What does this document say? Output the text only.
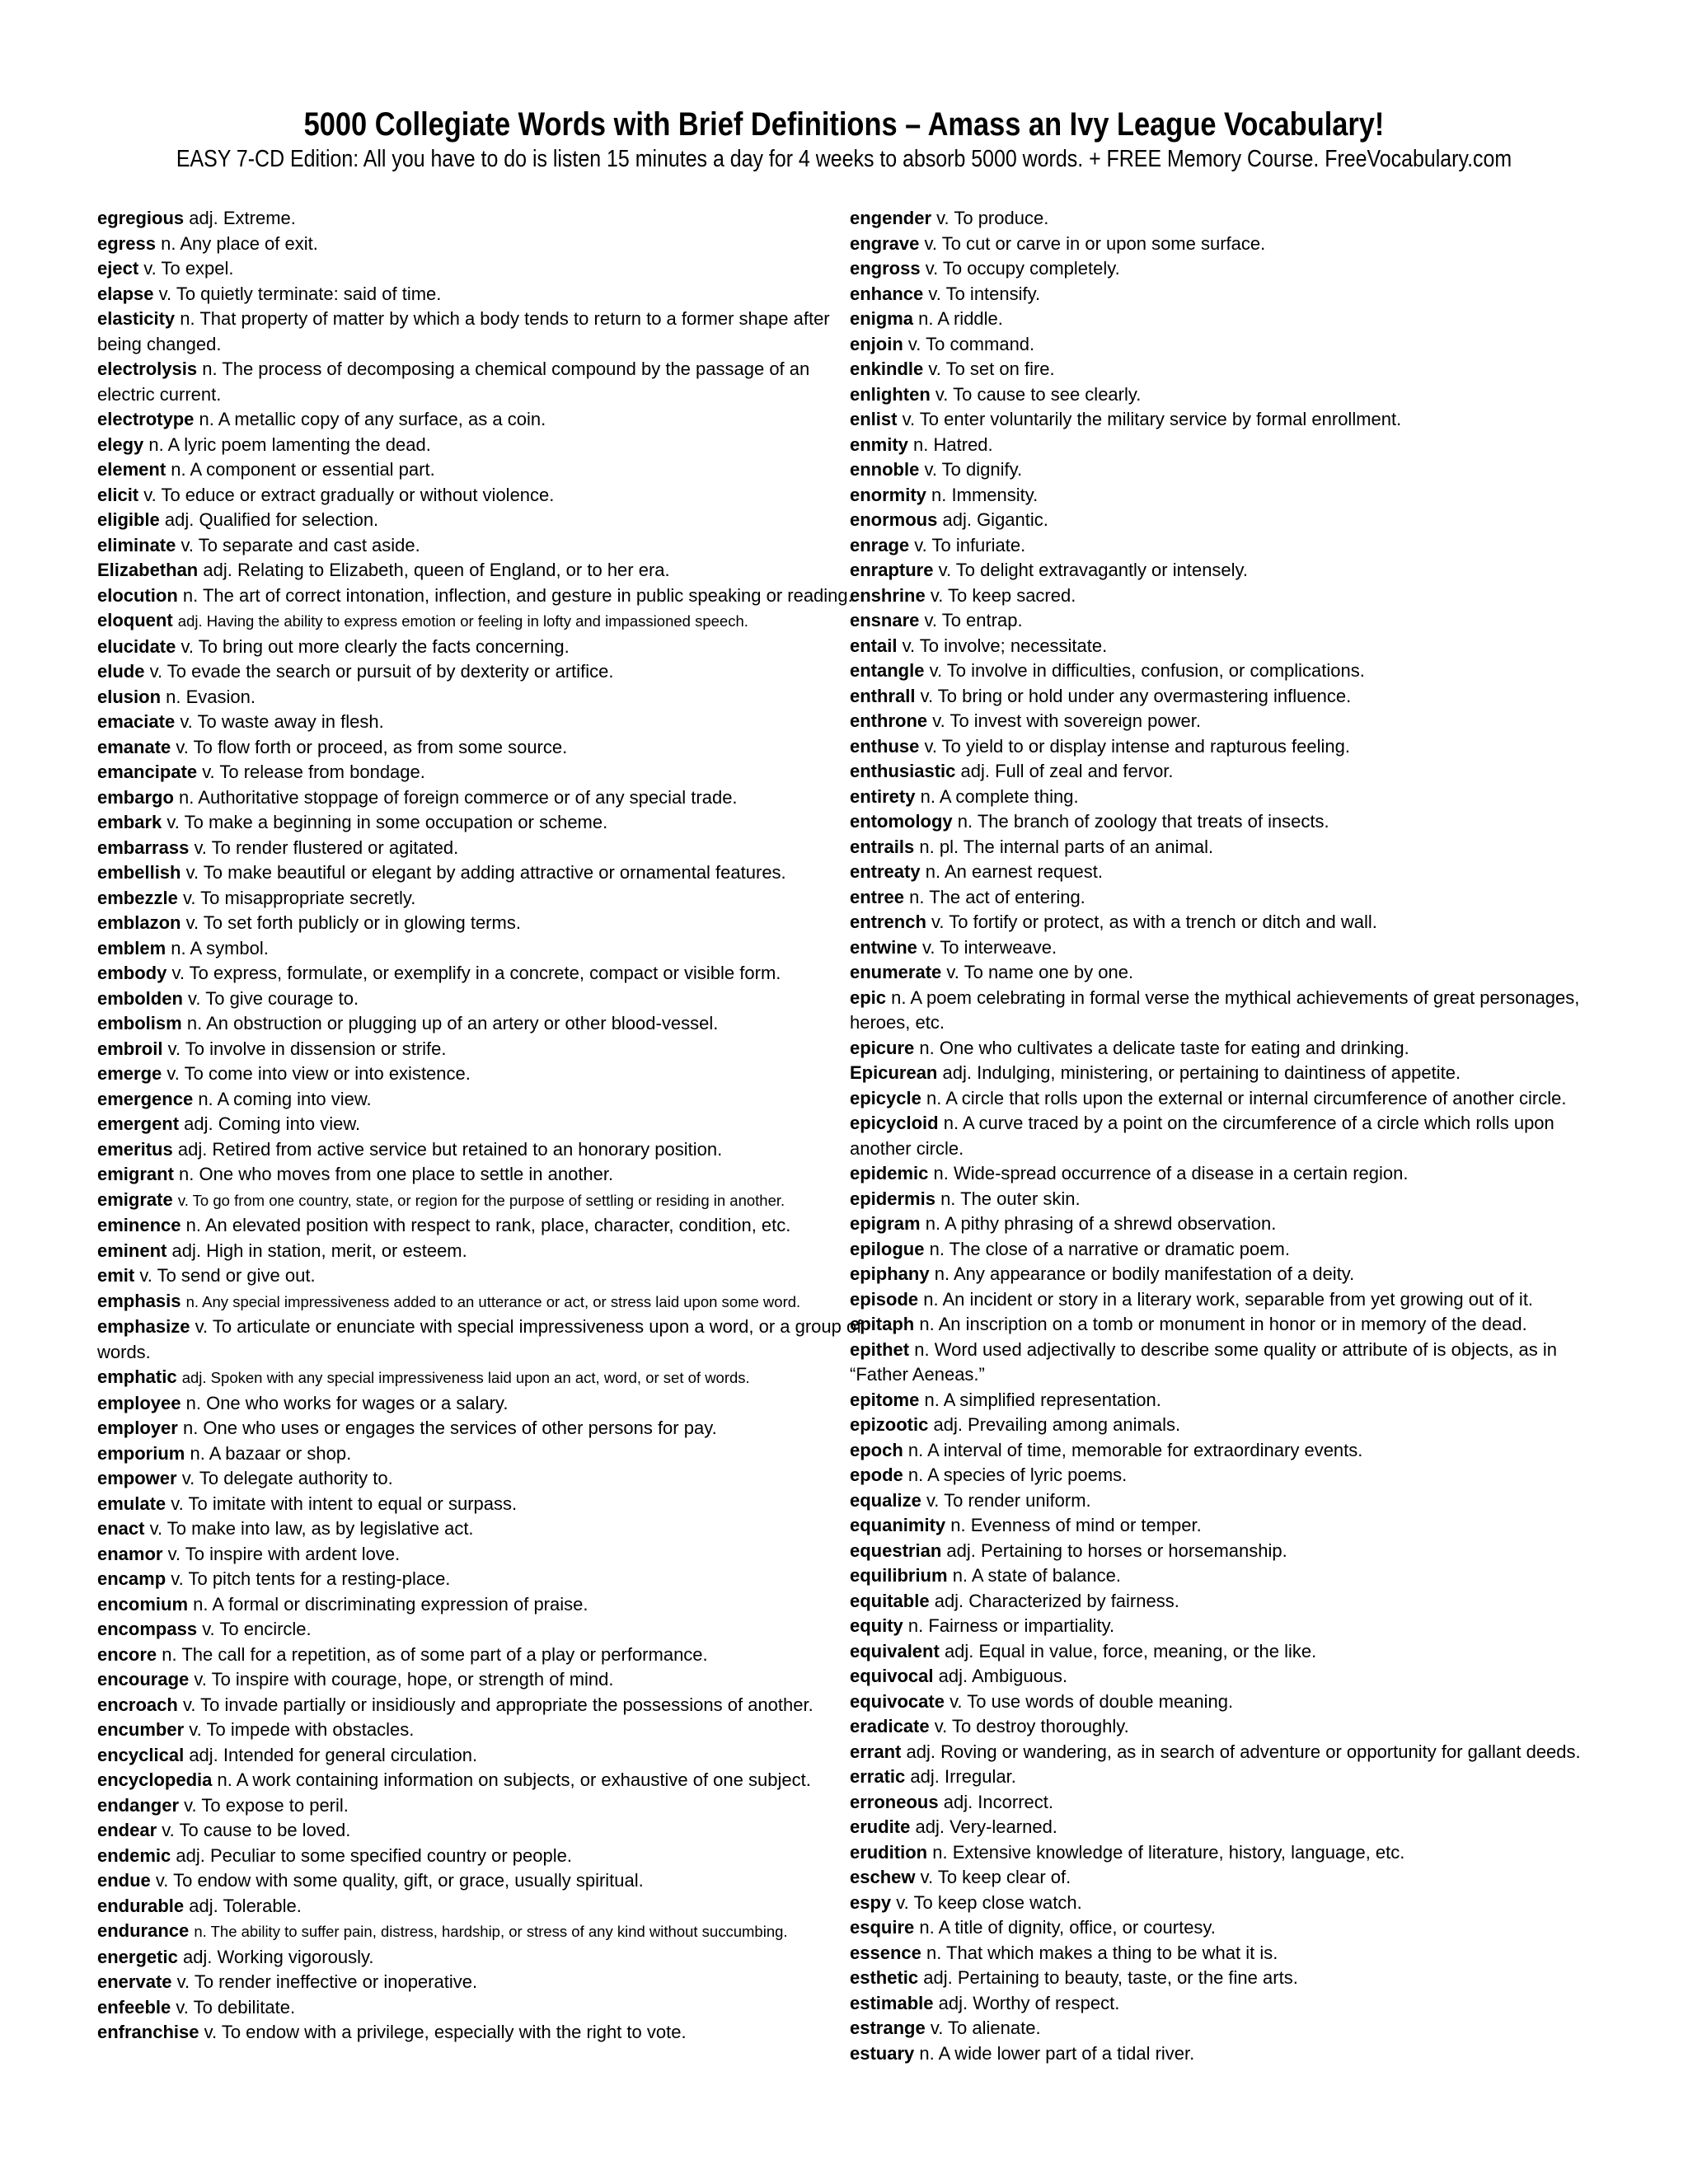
5000 Collegiate Words with Brief Definitions – Amass an Ivy League Vocabulary!

EASY 7-CD Edition: All you have to do is listen 15 minutes a day for 4 weeks to absorb 5000 words. + FREE Memory Course. FreeVocabulary.com

egregious adj. Extreme.

egress n. Any place of exit.

eject v. To expel.

elapse v. To quietly terminate: said of time.

elasticity n. That property of matter by which a body tends to return to a former shape after being changed.

electrolysis n. The process of decomposing a chemical compound by the passage of an electric current.

electrotype n. A metallic copy of any surface, as a coin.

elegy n. A lyric poem lamenting the dead.

element n. A component or essential part.

elicit v. To educe or extract gradually or without violence.

eligible adj. Qualified for selection.

eliminate v. To separate and cast aside.

Elizabethan adj. Relating to Elizabeth, queen of England, or to her era.

elocution n. The art of correct intonation, inflection, and gesture in public speaking or reading.

eloquent adj. Having the ability to express emotion or feeling in lofty and impassioned speech.

elucidate v. To bring out more clearly the facts concerning.

elude v. To evade the search or pursuit of by dexterity or artifice.

elusion n. Evasion.

emaciate v. To waste away in flesh.

emanate v. To flow forth or proceed, as from some source.

emancipate v. To release from bondage.

embargo n. Authoritative stoppage of foreign commerce or of any special trade.

embark v. To make a beginning in some occupation or scheme.

embarrass v. To render flustered or agitated.

embellish v. To make beautiful or elegant by adding attractive or ornamental features.

embezzle v. To misappropriate secretly.

emblazon v. To set forth publicly or in glowing terms.

emblem n. A symbol.

embody v. To express, formulate, or exemplify in a concrete, compact or visible form.

embolden v. To give courage to.

embolism n. An obstruction or plugging up of an artery or other blood-vessel.

embroil v. To involve in dissension or strife.

emerge v. To come into view or into existence.

emergence n. A coming into view.

emergent adj. Coming into view.

emeritus adj. Retired from active service but retained to an honorary position.

emigrant n. One who moves from one place to settle in another.

emigrate v. To go from one country, state, or region for the purpose of settling or residing in another.

eminence n. An elevated position with respect to rank, place, character, condition, etc.

eminent adj. High in station, merit, or esteem.

emit v. To send or give out.

emphasis n. Any special impressiveness added to an utterance or act, or stress laid upon some word.

emphasize v. To articulate or enunciate with special impressiveness upon a word, or a group of words.

emphatic adj. Spoken with any special impressiveness laid upon an act, word, or set of words.

employee n. One who works for wages or a salary.

employer n. One who uses or engages the services of other persons for pay.

emporium n. A bazaar or shop.

empower v. To delegate authority to.

emulate v. To imitate with intent to equal or surpass.

enact v. To make into law, as by legislative act.

enamor v. To inspire with ardent love.

encamp v. To pitch tents for a resting-place.

encomium n. A formal or discriminating expression of praise.

encompass v. To encircle.

encore n. The call for a repetition, as of some part of a play or performance.

encourage v. To inspire with courage, hope, or strength of mind.

encroach v. To invade partially or insidiously and appropriate the possessions of another.

encumber v. To impede with obstacles.

encyclical adj. Intended for general circulation.

encyclopedia n. A work containing information on subjects, or exhaustive of one subject.

endanger v. To expose to peril.

endear v. To cause to be loved.

endemic adj. Peculiar to some specified country or people.

endue v. To endow with some quality, gift, or grace, usually spiritual.

endurable adj. Tolerable.

endurance n. The ability to suffer pain, distress, hardship, or stress of any kind without succumbing.

energetic adj. Working vigorously.

enervate v. To render ineffective or inoperative.

enfeeble v. To debilitate.

enfranchise v. To endow with a privilege, especially with the right to vote.

engender v. To produce.

engrave v. To cut or carve in or upon some surface.

engross v. To occupy completely.

enhance v. To intensify.

enigma n. A riddle.

enjoin v. To command.

enkindle v. To set on fire.

enlighten v. To cause to see clearly.

enlist v. To enter voluntarily the military service by formal enrollment.

enmity n. Hatred.

ennoble v. To dignify.

enormity n. Immensity.

enormous adj. Gigantic.

enrage v. To infuriate.

enrapture v. To delight extravagantly or intensely.

enshrine v. To keep sacred.

ensnare v. To entrap.

entail v. To involve; necessitate.

entangle v. To involve in difficulties, confusion, or complications.

enthrall v. To bring or hold under any overmastering influence.

enthrone v. To invest with sovereign power.

enthuse v. To yield to or display intense and rapturous feeling.

enthusiastic adj. Full of zeal and fervor.

entirety n. A complete thing.

entomology n. The branch of zoology that treats of insects.

entrails n. pl. The internal parts of an animal.

entreaty n. An earnest request.

entree n. The act of entering.

entrench v. To fortify or protect, as with a trench or ditch and wall.

entwine v. To interweave.

enumerate v. To name one by one.

epic n. A poem celebrating in formal verse the mythical achievements of great personages, heroes, etc.

epicure n. One who cultivates a delicate taste for eating and drinking.

Epicurean adj. Indulging, ministering, or pertaining to daintiness of appetite.

epicycle n. A circle that rolls upon the external or internal circumference of another circle.

epicycloid n. A curve traced by a point on the circumference of a circle which rolls upon another circle.

epidemic n. Wide-spread occurrence of a disease in a certain region.

epidermis n. The outer skin.

epigram n. A pithy phrasing of a shrewd observation.

epilogue n. The close of a narrative or dramatic poem.

epiphany n. Any appearance or bodily manifestation of a deity.

episode n. An incident or story in a literary work, separable from yet growing out of it.

epitaph n. An inscription on a tomb or monument in honor or in memory of the dead.

epithet n. Word used adjectivally to describe some quality or attribute of is objects, as in “Father Aeneas.”

epitome n. A simplified representation.

epizootic adj. Prevailing among animals.

epoch n. A interval of time, memorable for extraordinary events.

epode n. A species of lyric poems.

equalize v. To render uniform.

equanimity n. Evenness of mind or temper.

equestrian adj. Pertaining to horses or horsemanship.

equilibrium n. A state of balance.

equitable adj. Characterized by fairness.

equity n. Fairness or impartiality.

equivalent adj. Equal in value, force, meaning, or the like.

equivocal adj. Ambiguous.

equivocate v. To use words of double meaning.

eradicate v. To destroy thoroughly.

errant adj. Roving or wandering, as in search of adventure or opportunity for gallant deeds.

erratic adj. Irregular.

erroneous adj. Incorrect.

erudite adj. Very-learned.

erudition n. Extensive knowledge of literature, history, language, etc.

eschew v. To keep clear of.

espy v. To keep close watch.

esquire n. A title of dignity, office, or courtesy.

essence n. That which makes a thing to be what it is.

esthetic adj. Pertaining to beauty, taste, or the fine arts.

estimable adj. Worthy of respect.

estrange v. To alienate.

estuary n. A wide lower part of a tidal river.
